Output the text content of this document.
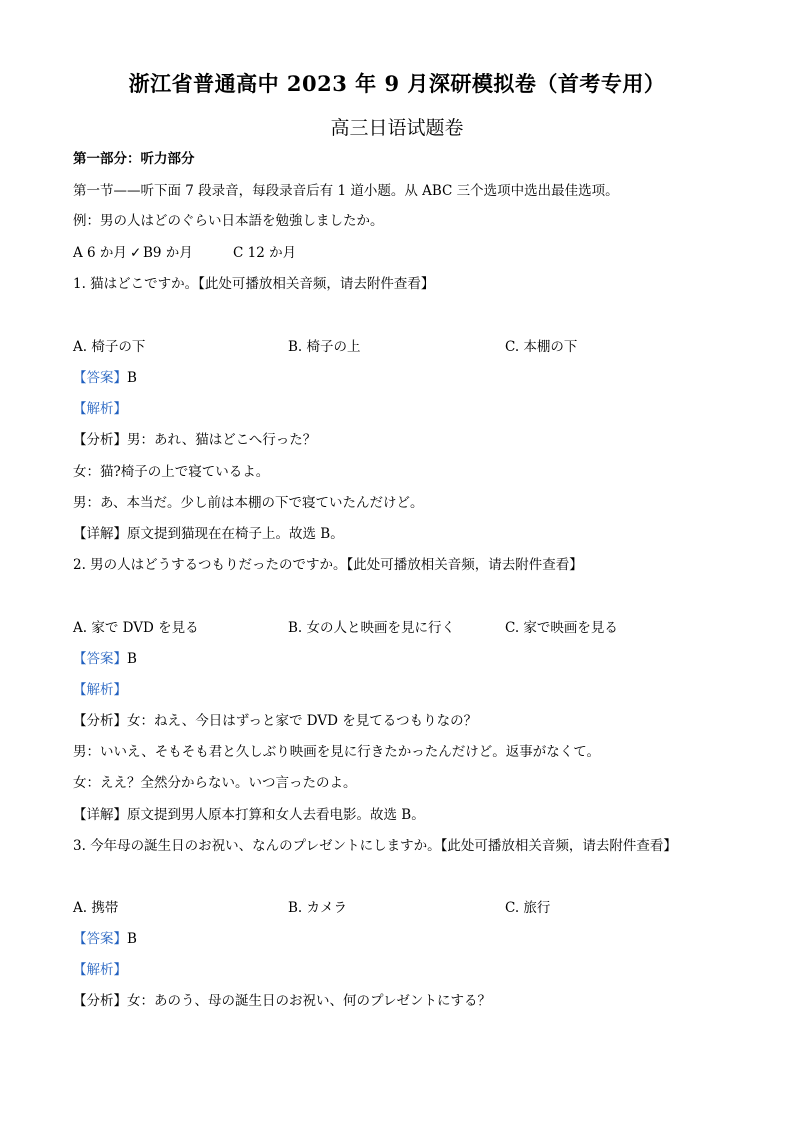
浙江省普通高中 2023 年 9 月深研模拟卷（首考专用）
高三日语试题卷
第一部分：听力部分
第一节——听下面 7 段录音，每段录音后有 1 道小题。从 ABC 三个选项中选出最佳选项。
例：男の人はどのぐらい日本語を勉強しましたか。
A 6 か月 ✓ B9 か月	C 12 か月
1. 猫はどこですか。【此处可播放相关音频，请去附件查看】
A. 椅子の下	B. 椅子の上	C. 本棚の下
【答案】B
【解析】
【分析】男：あれ、猫はどこへ行った？
女：猫?椅子の上で寝ているよ。
男：あ、本当だ。少し前は本棚の下で寝ていたんだけど。
【详解】原文提到猫现在在椅子上。故选 B。
2. 男の人はどうするつもりだったのですか。【此处可播放相关音频，请去附件查看】
A. 家で DVD を見る	B. 女の人と映画を見に行く	C. 家で映画を見る
【答案】B
【解析】
【分析】女：ねえ、今日はずっと家で DVD を見てるつもりなの？
男：いいえ、そもそも君と久しぶり映画を見に行きたかったんだけど。返事がなくて。
女：ええ？全然分からない。いつ言ったのよ。
【详解】原文提到男人原本打算和女人去看电影。故选 B。
3. 今年母の誕生日のお祝い、なんのプレゼントにしますか。【此处可播放相关音频，请去附件查看】
A. 携帯	B. カメラ	C. 旅行
【答案】B
【解析】
【分析】女：あのう、母の誕生日のお祝い、何のプレゼントにする？
